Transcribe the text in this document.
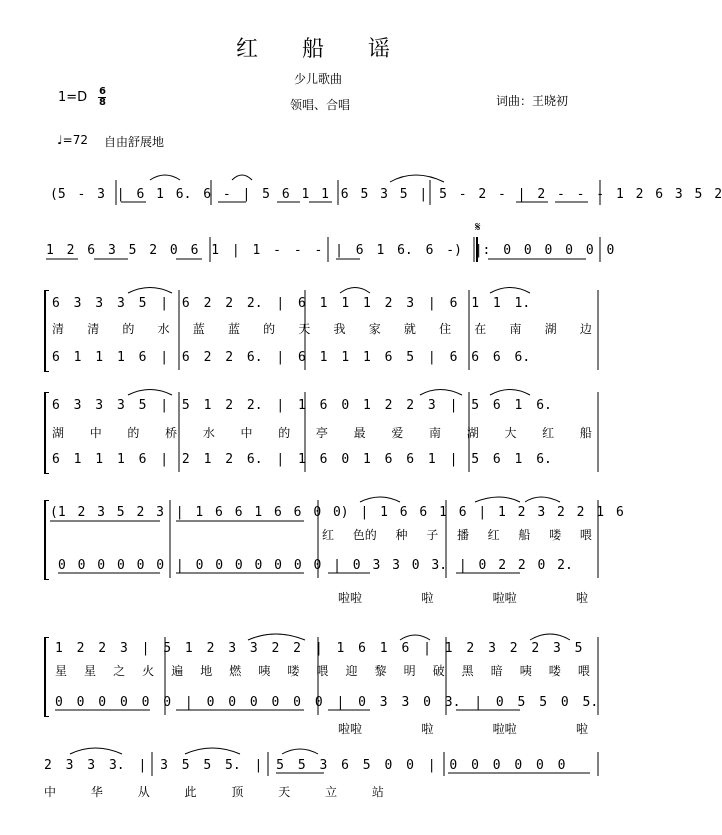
红船谣
少儿歌曲
1=D 6
8	领唱、合唱	词曲：王晓初
♩=72 自由舒展地
(5 - 3 | 6 1 6. 6 - | 5 6 1 1 6 5 3 5 | 5 - 2 - | 2 - - - 1 2 6 3 5 2
1 2 6 3 5 2 0 6 1 | 1 - - - | 6 1 6. 6 -) |: 0 0 0 0 0 0
𝄋
6 3 3 3 5 | 6 2 2 2. | 6 1 1 1 2 3 | 6 1 1 1.
清 清 的 水 蓝 蓝 的 天 我 家 就 住 在 南 湖 边
6 1 1 1 6 | 6 2 2 6. | 6 1 1 1 6 5 | 6 6 6 6.
6 3 3 3 5 | 5 1 2 2. | 1 6 0 1 2 2 3 | 5 6 1 6.
湖 中 的 桥 水 中 的 亭 最 爱 南 湖 大 红 船
6 1 1 1 6 | 2 1 2 6. | 1 6 0 1 6 6 1 | 5 6 1 6.
(1 2 3 5 2 3 | 1 6 6 1 6 6 0 0) | 1 6 6 1 6 | 1 2 3 2 2 1 6
红 色的 种 子 播 红 船 喽 喂
0 0 0 0 0 0 | 0 0 0 0 0 0 0 | 0 3 3 0 3. | 0 2 2 0 2.
啦啦	啦	啦啦	啦
1 2 2 3 | 5 1 2 3 3 2 2 | 1 6 1 6 | 1 2 3 2 2 3 5
星 星 之 火 遍 地 燃 咦 喽 喂 迎 黎 明 破 黑 暗 咦 喽 喂
0 0 0 0 0 0 | 0 0 0 0 0 0 | 0 3 3 0 3. | 0 5 5 0 5.
啦啦	啦	啦啦	啦
2 3 3 3. | 3 5 5 5. | 5 5 3 6 5 0 0 | 0 0 0 0 0 0
中	华	从	此	顶	天	立	站
